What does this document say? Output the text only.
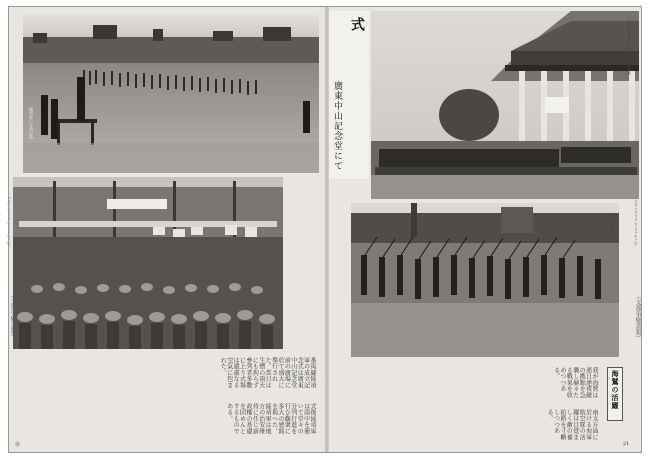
綏靖軍の分列行進
番禺縣綏靖軍の成立記念式は廣東中山記念堂前の廣場に於て盛大に擧行された。當日は生憎の雨天にも拘らず參列者多數に上り式場は嚴肅なる空氣に包まれた。
式後綏靖軍は雨中を衝いて堂々の分列行進を行ひ觀衆に多大の感銘を與へた。綏靖軍は地方の治安維持に任じ新政權の基礎を固めんとするものである。
（支那事變畫報）
http://www.jacar.go.jp
⑳
式
廣東中山記念堂にて
中山記念堂前に整列せる綏靖軍
雨中の分列式
我が海鷲は連日連夜敵の拠點を急襲し赫々たる戰果を收めつつある。
南支方面に於ける海軍航空隊の活躍は目覺ましく敵の補給路を寸斷しつつある。
海鷲の活躍
（支那事變畫報）
http://www.jacar.go.jp
21
